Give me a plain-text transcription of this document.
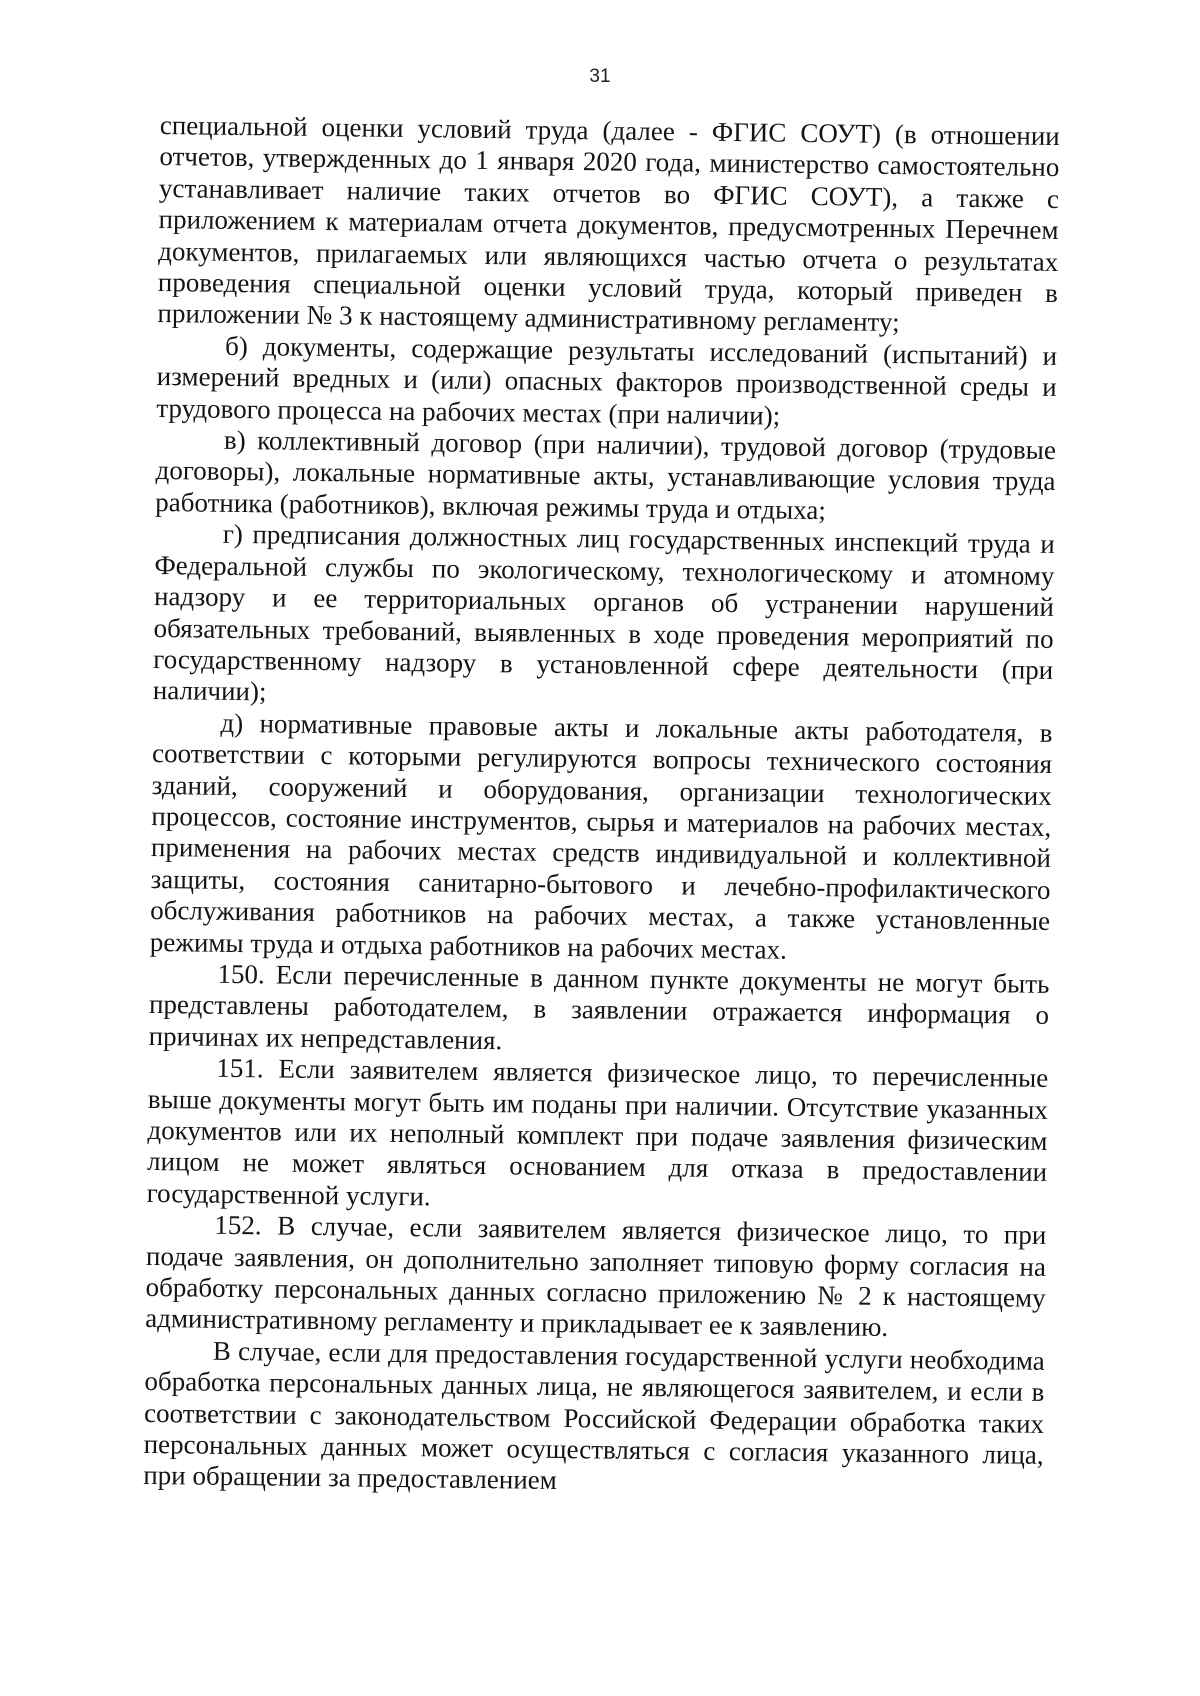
31

специальной оценки условий труда (далее - ФГИС СОУТ) (в отношении отчетов, утвержденных до 1 января 2020 года, министерство самостоятельно устанавливает наличие таких отчетов во ФГИС СОУТ), а также с приложением к материалам отчета документов, предусмотренных Перечнем документов, прилагаемых или являющихся частью отчета о результатах проведения специальной оценки условий труда, который приведен в приложении № 3 к настоящему административному регламенту;

б) документы, содержащие результаты исследований (испытаний) и измерений вредных и (или) опасных факторов производственной среды и трудового процесса на рабочих местах (при наличии);

в) коллективный договор (при наличии), трудовой договор (трудовые договоры), локальные нормативные акты, устанавливающие условия труда работника (работников), включая режимы труда и отдыха;

г) предписания должностных лиц государственных инспекций труда и Федеральной службы по экологическому, технологическому и атомному надзору и ее территориальных органов об устранении нарушений обязательных требований, выявленных в ходе проведения мероприятий по государственному надзору в установленной сфере деятельности (при наличии);

д) нормативные правовые акты и локальные акты работодателя, в соответствии с которыми регулируются вопросы технического состояния зданий, сооружений и оборудования, организации технологических процессов, состояние инструментов, сырья и материалов на рабочих местах, применения на рабочих местах средств индивидуальной и коллективной защиты, состояния санитарно-бытового и лечебно-профилактического обслуживания работников на рабочих местах, а также установленные режимы труда и отдыха работников на рабочих местах.

150. Если перечисленные в данном пункте документы не могут быть представлены работодателем, в заявлении отражается информация о причинах их непредставления.

151. Если заявителем является физическое лицо, то перечисленные выше документы могут быть им поданы при наличии. Отсутствие указанных документов или их неполный комплект при подаче заявления физическим лицом не может являться основанием для отказа в предоставлении государственной услуги.

152. В случае, если заявителем является физическое лицо, то при подаче заявления, он дополнительно заполняет типовую форму согласия на обработку персональных данных согласно приложению № 2 к настоящему административному регламенту и прикладывает ее к заявлению.

В случае, если для предоставления государственной услуги необходима обработка персональных данных лица, не являющегося заявителем, и если в соответствии с законодательством Российской Федерации обработка таких персональных данных может осуществляться с согласия указанного лица, при обращении за предоставлением
